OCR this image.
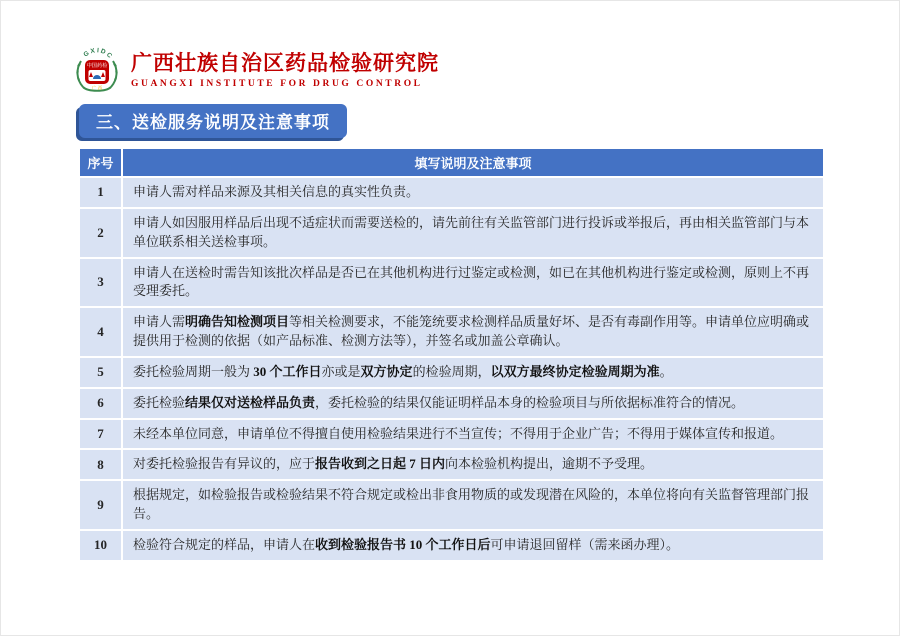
GXIDC
中国药检
广 西
广西壮族自治区药品检验研究院
GUANGXI INSTITUTE FOR DRUG CONTROL
三、送检服务说明及注意事项
序号	填写说明及注意事项
1	申请人需对样品来源及其相关信息的真实性负责。
2	申请人如因服用样品后出现不适症状而需要送检的，请先前往有关监管部门进行投诉或举报后，再由相关监管部门与本单位联系相关送检事项。
3	申请人在送检时需告知该批次样品是否已在其他机构进行过鉴定或检测，如已在其他机构进行鉴定或检测，原则上不再受理委托。
4	申请人需明确告知检测项目等相关检测要求，不能笼统要求检测样品质量好坏、是否有毒副作用等。申请单位应明确或提供用于检测的依据（如产品标准、检测方法等），并签名或加盖公章确认。
5	委托检验周期一般为 30 个工作日亦或是双方协定的检验周期，以双方最终协定检验周期为准。
6	委托检验结果仅对送检样品负责，委托检验的结果仅能证明样品本身的检验项目与所依据标准符合的情况。
7	未经本单位同意，申请单位不得擅自使用检验结果进行不当宣传；不得用于企业广告；不得用于媒体宣传和报道。
8	对委托检验报告有异议的，应于报告收到之日起 7 日内向本检验机构提出，逾期不予受理。
9	根据规定，如检验报告或检验结果不符合规定或检出非食用物质的或发现潜在风险的，本单位将向有关监督管理部门报告。
10	检验符合规定的样品，申请人在收到检验报告书 10 个工作日后可申请退回留样（需来函办理）。
